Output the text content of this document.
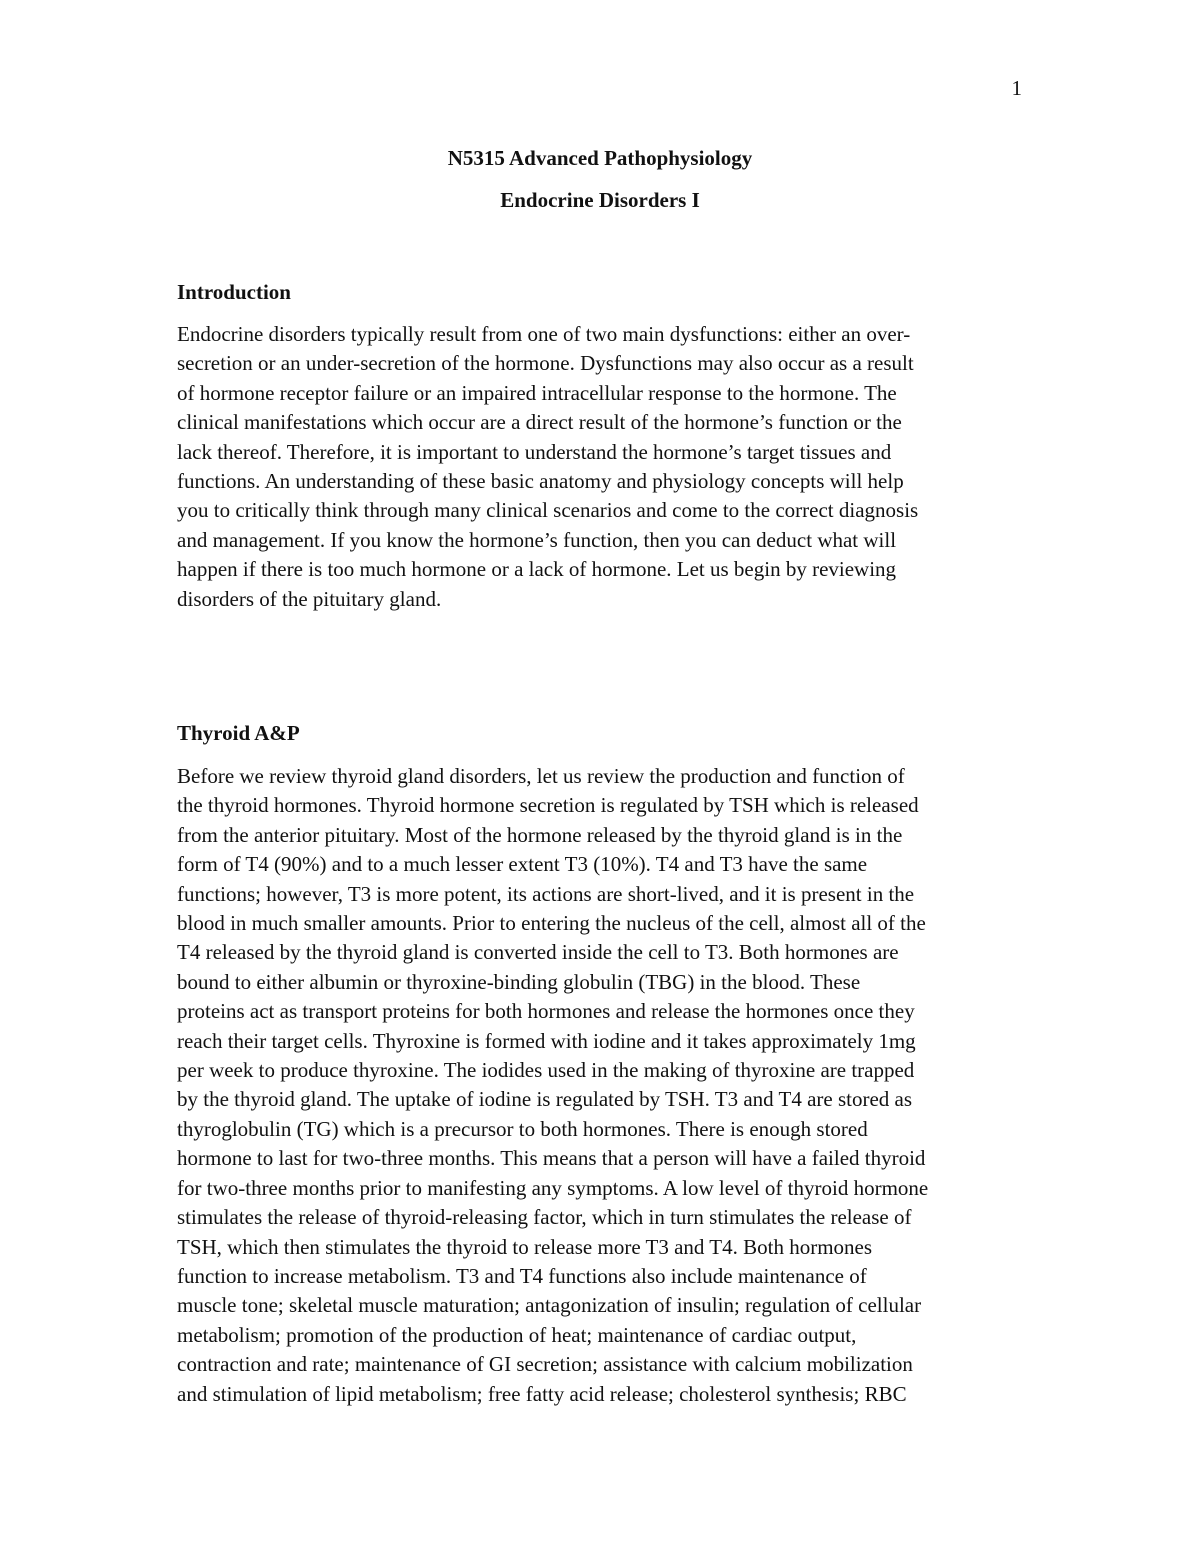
1
N5315 Advanced Pathophysiology
Endocrine Disorders I
Introduction
Endocrine disorders typically result from one of two main dysfunctions: either an over-
secretion or an under-secretion of the hormone. Dysfunctions may also occur as a result
of hormone receptor failure or an impaired intracellular response to the hormone. The
clinical manifestations which occur are a direct result of the hormone’s function or the
lack thereof. Therefore, it is important to understand the hormone’s target tissues and
functions. An understanding of these basic anatomy and physiology concepts will help
you to critically think through many clinical scenarios and come to the correct diagnosis
and management. If you know the hormone’s function, then you can deduct what will
happen if there is too much hormone or a lack of hormone. Let us begin by reviewing
disorders of the pituitary gland.
Thyroid A&P
Before we review thyroid gland disorders, let us review the production and function of
the thyroid hormones. Thyroid hormone secretion is regulated by TSH which is released
from the anterior pituitary. Most of the hormone released by the thyroid gland is in the
form of T4 (90%) and to a much lesser extent T3 (10%). T4 and T3 have the same
functions; however, T3 is more potent, its actions are short-lived, and it is present in the
blood in much smaller amounts. Prior to entering the nucleus of the cell, almost all of the
T4 released by the thyroid gland is converted inside the cell to T3. Both hormones are
bound to either albumin or thyroxine-binding globulin (TBG) in the blood. These
proteins act as transport proteins for both hormones and release the hormones once they
reach their target cells. Thyroxine is formed with iodine and it takes approximately 1mg
per week to produce thyroxine. The iodides used in the making of thyroxine are trapped
by the thyroid gland. The uptake of iodine is regulated by TSH. T3 and T4 are stored as
thyroglobulin (TG) which is a precursor to both hormones. There is enough stored
hormone to last for two-three months. This means that a person will have a failed thyroid
for two-three months prior to manifesting any symptoms. A low level of thyroid hormone
stimulates the release of thyroid-releasing factor, which in turn stimulates the release of
TSH, which then stimulates the thyroid to release more T3 and T4. Both hormones
function to increase metabolism. T3 and T4 functions also include maintenance of
muscle tone; skeletal muscle maturation; antagonization of insulin; regulation of cellular
metabolism; promotion of the production of heat; maintenance of cardiac output,
contraction and rate; maintenance of GI secretion; assistance with calcium mobilization
and stimulation of lipid metabolism; free fatty acid release; cholesterol synthesis; RBC
